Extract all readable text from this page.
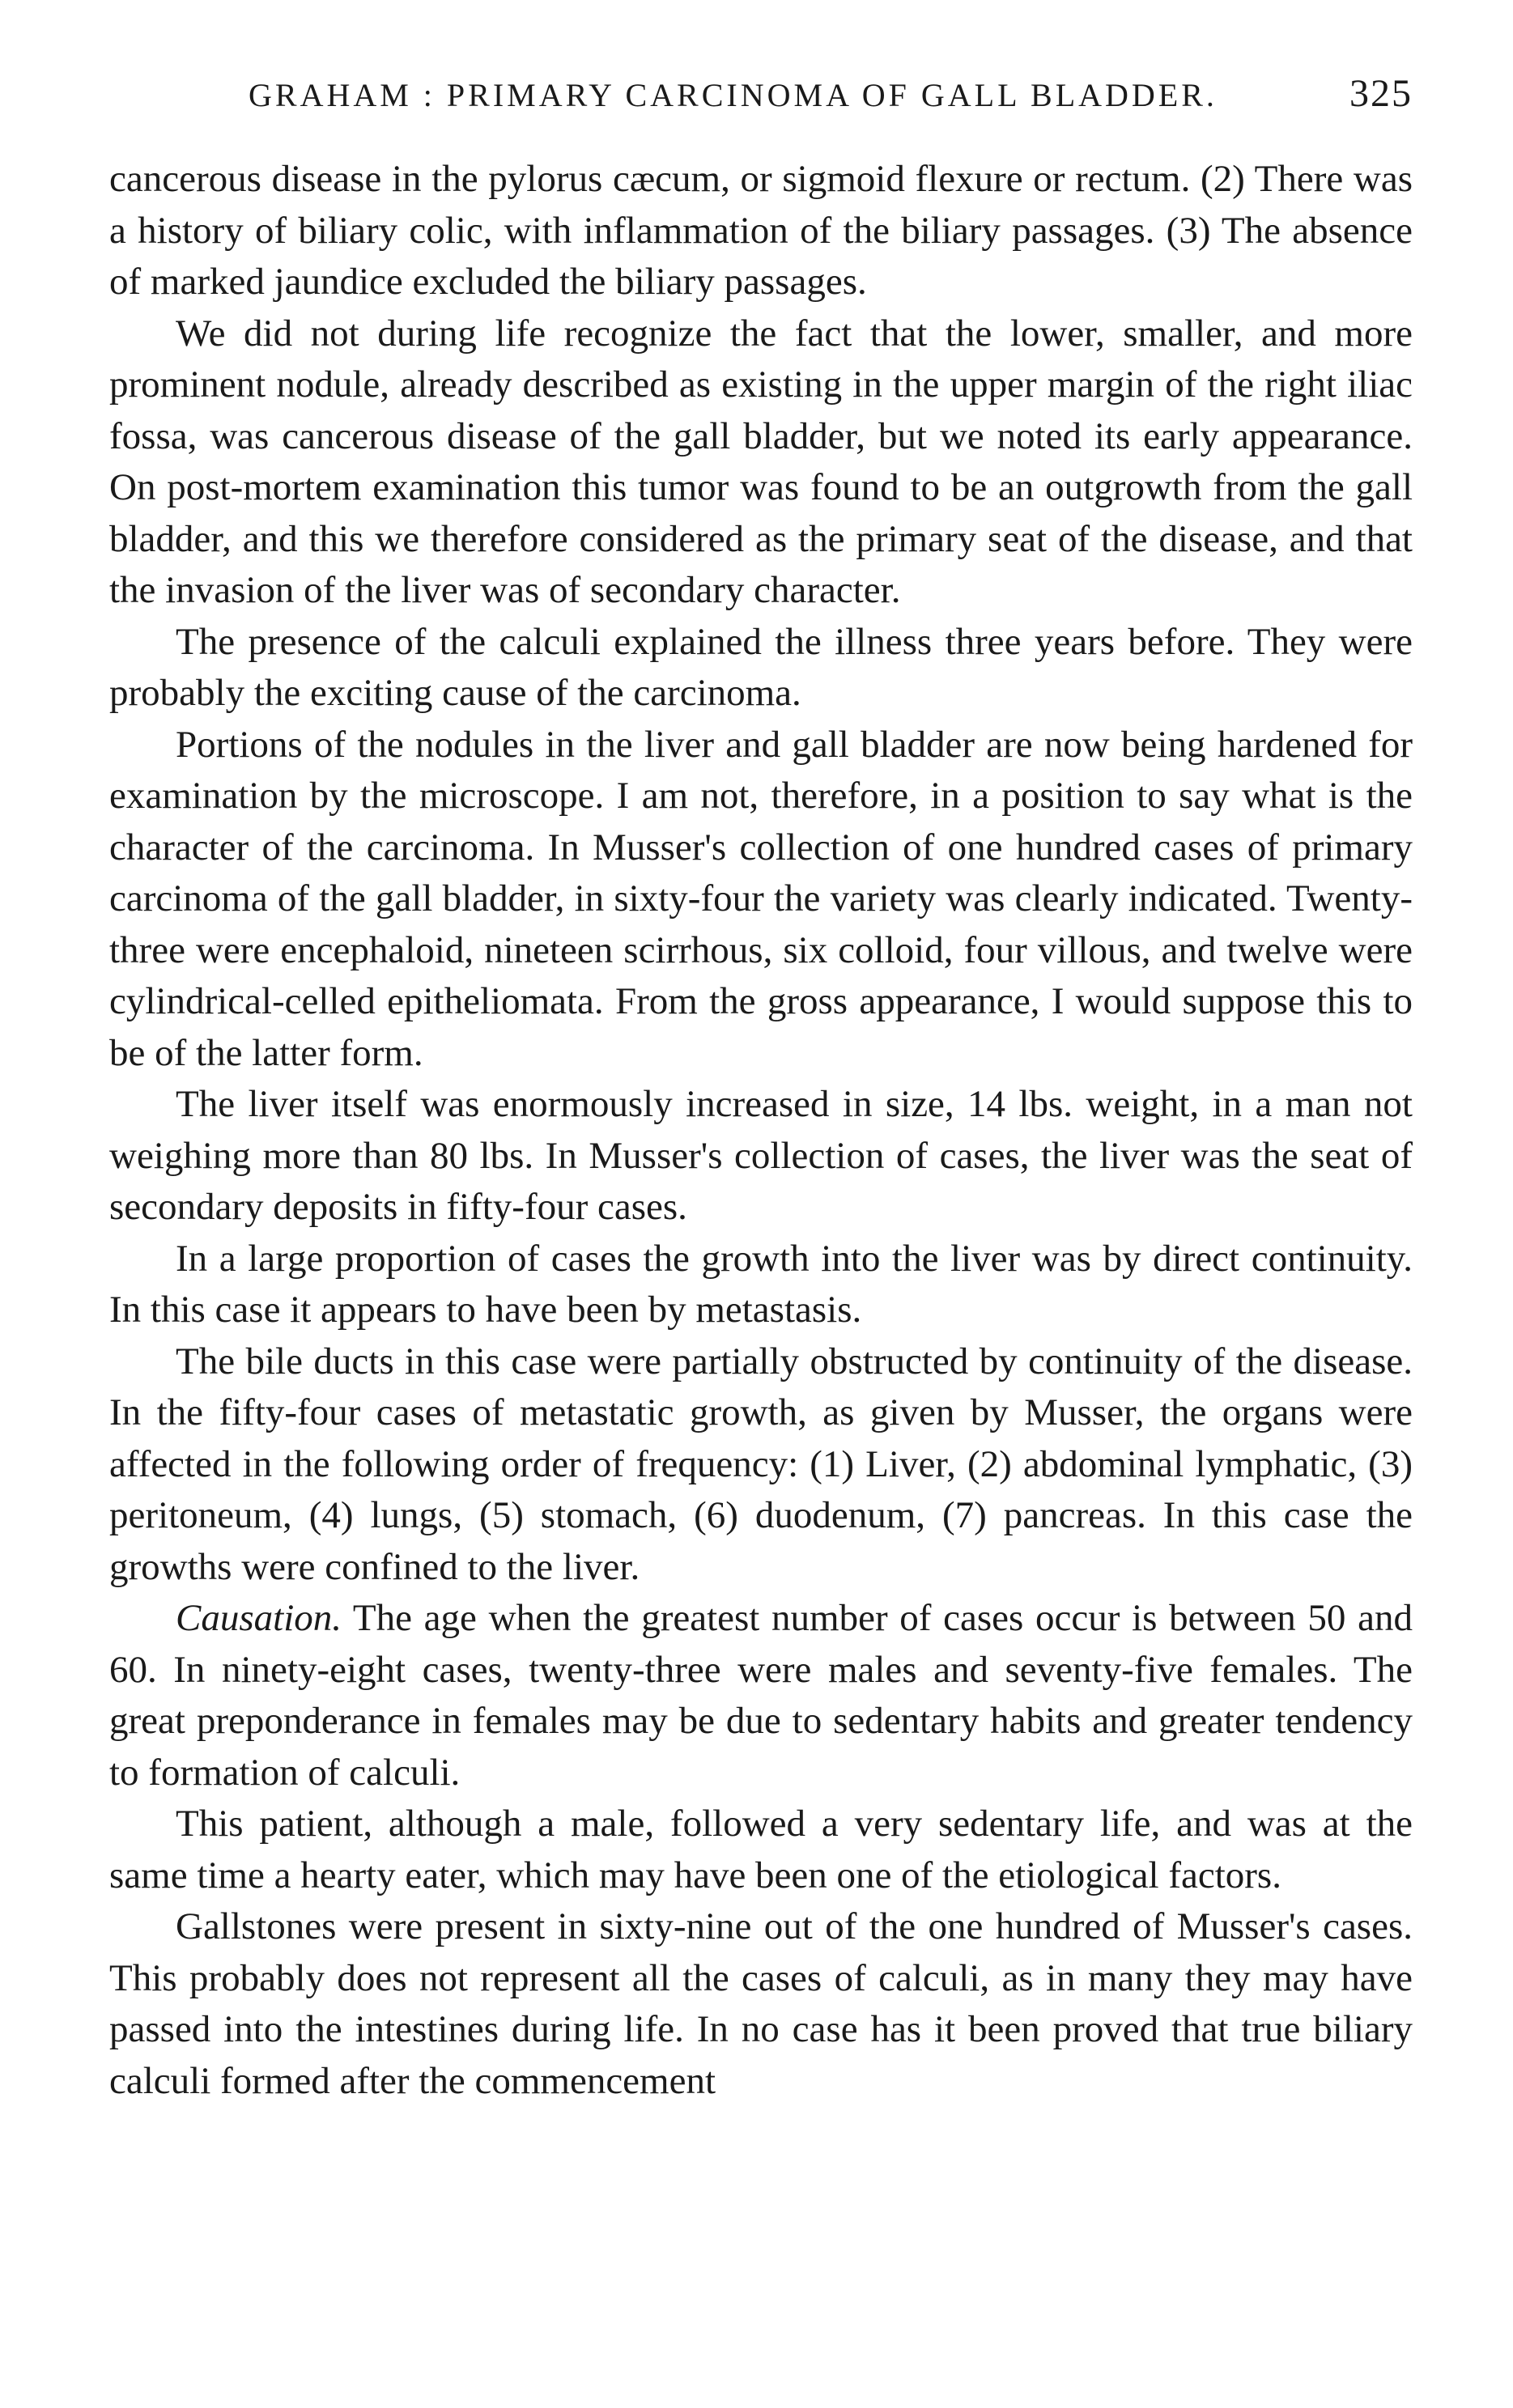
GRAHAM : PRIMARY CARCINOMA OF GALL BLADDER.	325

cancerous disease in the pylorus cæcum, or sigmoid flexure or rectum. (2) There was a history of biliary colic, with inflammation of the biliary passages. (3) The absence of marked jaundice excluded the biliary passages.

We did not during life recognize the fact that the lower, smaller, and more prominent nodule, already described as existing in the upper margin of the right iliac fossa, was cancerous disease of the gall bladder, but we noted its early appearance. On post-mortem examination this tumor was found to be an outgrowth from the gall bladder, and this we therefore considered as the primary seat of the disease, and that the invasion of the liver was of secondary character.

The presence of the calculi explained the illness three years before. They were probably the exciting cause of the carcinoma.

Portions of the nodules in the liver and gall bladder are now being hardened for examination by the microscope. I am not, therefore, in a position to say what is the character of the carcinoma. In Musser's collection of one hundred cases of primary carcinoma of the gall bladder, in sixty-four the variety was clearly indicated. Twenty-three were encephaloid, nineteen scirrhous, six colloid, four villous, and twelve were cylindrical-celled epitheliomata. From the gross appearance, I would suppose this to be of the latter form.

The liver itself was enormously increased in size, 14 lbs. weight, in a man not weighing more than 80 lbs. In Musser's collection of cases, the liver was the seat of secondary deposits in fifty-four cases.

In a large proportion of cases the growth into the liver was by direct continuity. In this case it appears to have been by metastasis.

The bile ducts in this case were partially obstructed by continuity of the disease. In the fifty-four cases of metastatic growth, as given by Musser, the organs were affected in the following order of frequency: (1) Liver, (2) abdominal lymphatic, (3) peritoneum, (4) lungs, (5) stomach, (6) duodenum, (7) pancreas. In this case the growths were confined to the liver.

Causation. The age when the greatest number of cases occur is between 50 and 60. In ninety-eight cases, twenty-three were males and seventy-five females. The great preponderance in females may be due to sedentary habits and greater tendency to formation of calculi.

This patient, although a male, followed a very sedentary life, and was at the same time a hearty eater, which may have been one of the etiological factors.

Gallstones were present in sixty-nine out of the one hundred of Musser's cases. This probably does not represent all the cases of calculi, as in many they may have passed into the intestines during life. In no case has it been proved that true biliary calculi formed after the commencement
